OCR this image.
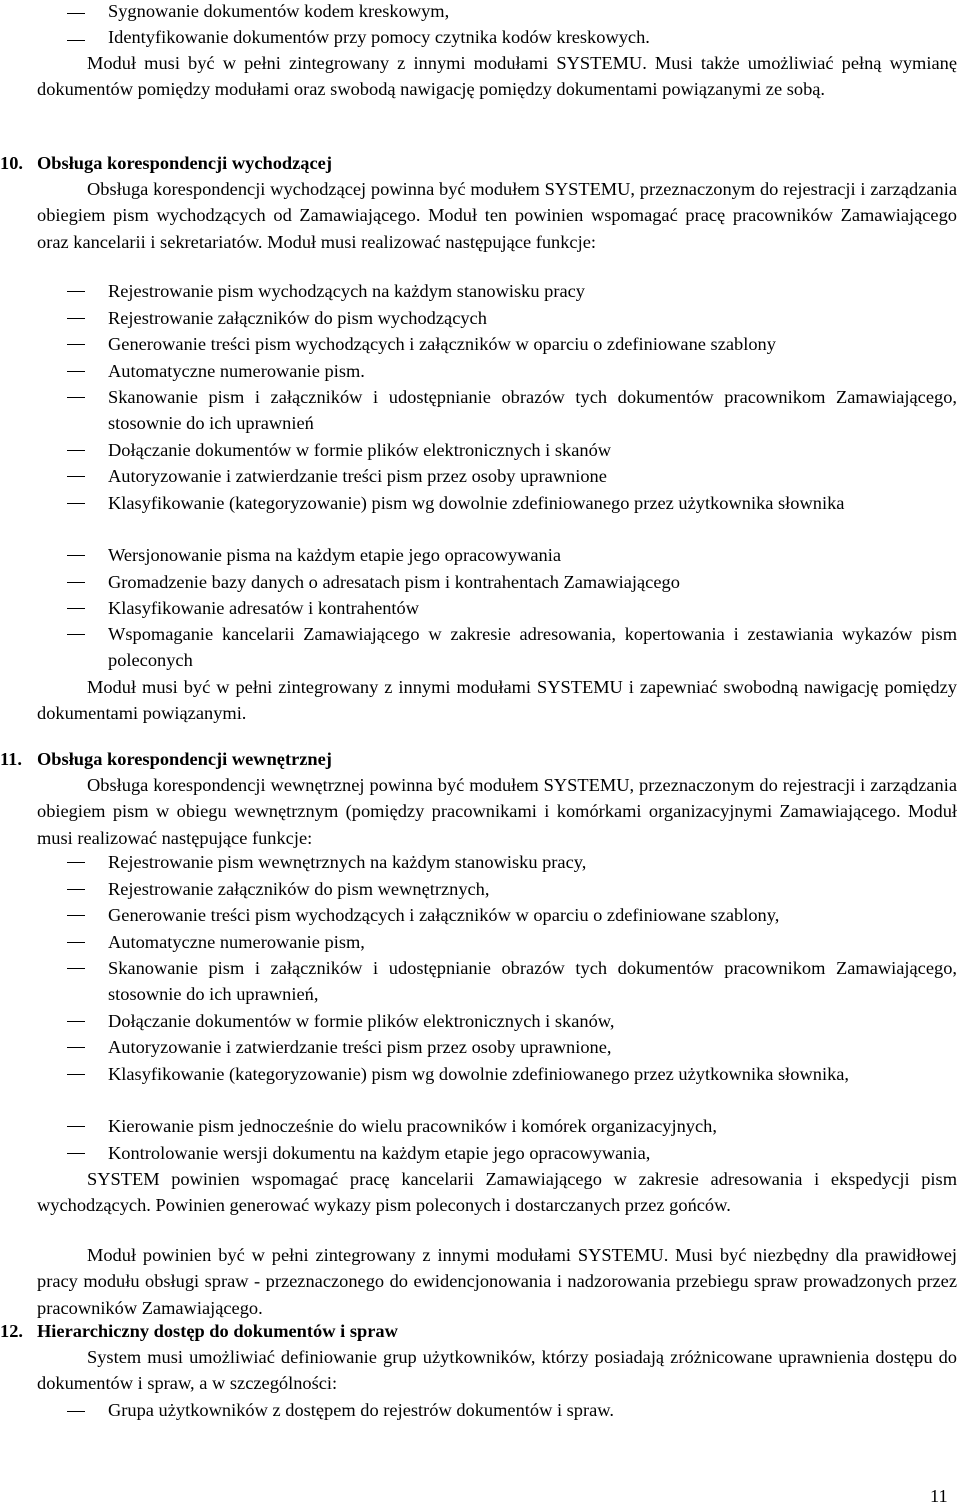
Sygnowanie dokumentów kodem kreskowym,
Identyfikowanie dokumentów przy pomocy czytnika kodów kreskowych.
Moduł musi być w pełni zintegrowany z innymi modułami SYSTEMU. Musi także umożliwiać pełną wymianę dokumentów pomiędzy modułami oraz swobodą nawigację pomiędzy dokumentami powiązanymi ze sobą.
10. Obsługa korespondencji wychodzącej
Obsługa korespondencji wychodzącej powinna być modułem SYSTEMU, przeznaczonym do rejestracji i zarządzania obiegiem pism wychodzących od Zamawiającego. Moduł ten powinien wspomagać pracę pracowników Zamawiającego oraz kancelarii i sekretariatów. Moduł musi realizować następujące funkcje:
Rejestrowanie pism wychodzących na każdym stanowisku pracy
Rejestrowanie załączników do pism wychodzących
Generowanie treści pism wychodzących i załączników w oparciu o zdefiniowane szablony
Automatyczne numerowanie pism.
Skanowanie pism i załączników i udostępnianie obrazów tych dokumentów pracownikom Zamawiającego, stosownie do ich uprawnień
Dołączanie dokumentów w formie plików elektronicznych i skanów
Autoryzowanie i zatwierdzanie treści pism przez osoby uprawnione
Klasyfikowanie (kategoryzowanie) pism wg dowolnie zdefiniowanego przez użytkownika słownika
Wersjonowanie pisma na każdym etapie jego opracowywania
Gromadzenie bazy danych o adresatach pism i kontrahentach Zamawiającego
Klasyfikowanie adresatów i kontrahentów
Wspomaganie kancelarii Zamawiającego w zakresie adresowania, kopertowania i zestawiania wykazów pism poleconych
Moduł musi być w pełni zintegrowany z innymi modułami SYSTEMU i zapewniać swobodną nawigację pomiędzy dokumentami powiązanymi.
11. Obsługa korespondencji wewnętrznej
Obsługa korespondencji wewnętrznej powinna być modułem SYSTEMU, przeznaczonym do rejestracji i zarządzania obiegiem pism w obiegu wewnętrznym (pomiędzy pracownikami i komórkami organizacyjnymi Zamawiającego. Moduł musi realizować następujące funkcje:
Rejestrowanie pism wewnętrznych na każdym stanowisku pracy,
Rejestrowanie załączników do pism wewnętrznych,
Generowanie treści pism wychodzących i załączników w oparciu o zdefiniowane szablony,
Automatyczne numerowanie pism,
Skanowanie pism i załączników i udostępnianie obrazów tych dokumentów pracownikom Zamawiającego, stosownie do ich uprawnień,
Dołączanie dokumentów w formie plików elektronicznych i skanów,
Autoryzowanie i zatwierdzanie treści pism przez osoby uprawnione,
Klasyfikowanie (kategoryzowanie) pism wg dowolnie zdefiniowanego przez użytkownika słownika,
Kierowanie pism jednocześnie do wielu pracowników i komórek organizacyjnych,
Kontrolowanie wersji dokumentu na każdym etapie jego opracowywania,
SYSTEM powinien wspomagać pracę kancelarii Zamawiającego w zakresie adresowania i ekspedycji pism wychodzących. Powinien generować wykazy pism poleconych i dostarczanych przez gońców.
Moduł powinien być w pełni zintegrowany z innymi modułami SYSTEMU. Musi być niezbędny dla prawidłowej pracy modułu obsługi spraw - przeznaczonego do ewidencjonowania i nadzorowania przebiegu spraw prowadzonych przez pracowników Zamawiającego.
12. Hierarchiczny dostęp do dokumentów i spraw
System musi umożliwiać definiowanie grup użytkowników, którzy posiadają zróżnicowane uprawnienia dostępu do dokumentów i spraw, a w szczególności:
Grupa użytkowników z dostępem do rejestrów dokumentów i spraw.
11
